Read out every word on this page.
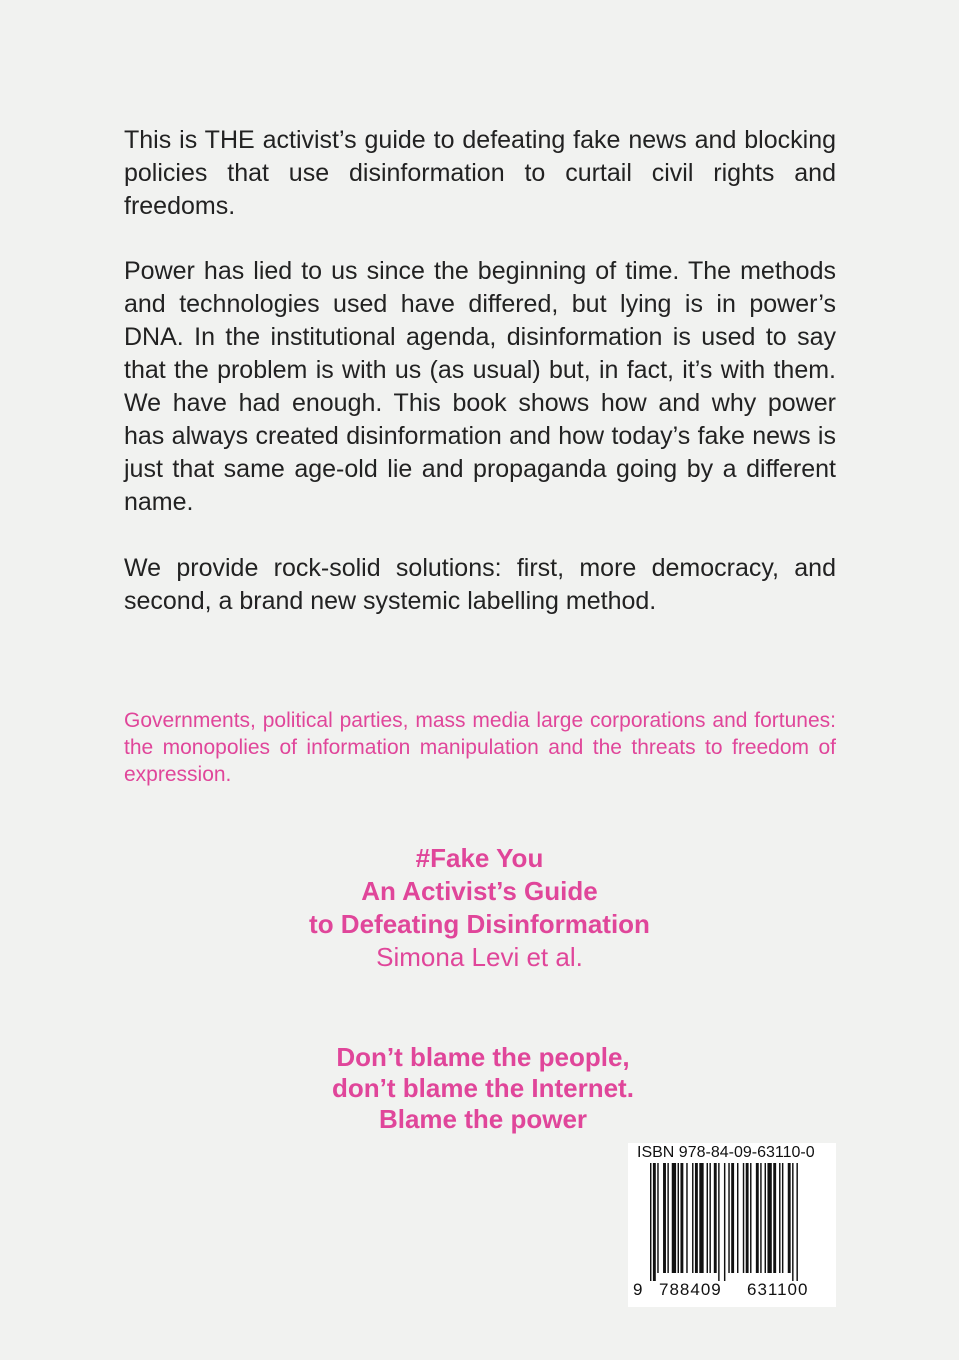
This is THE activist’s guide to defeating fake news and blocking policies that use disinformation to curtail civil rights and freedoms.

Power has lied to us since the beginning of time. The methods and technologies used have differed, but lying is in power’s DNA. In the institutional agenda, disinformation is used to say that the problem is with us (as usual) but, in fact, it’s with them. We have had enough. This book shows how and why power has always created disinformation and how today’s fake news is just that same age-old lie and propaganda going by a different name.

We provide rock-solid solutions: first, more democracy, and second, a brand new systemic labelling method.

Governments, political parties, mass media large corporations and fortunes: the monopolies of information manipulation and the threats to freedom of expression.

#Fake You
An Activist’s Guide
to Defeating Disinformation
Simona Levi et al.
Don’t blame the people,
don’t blame the Internet.
Blame the power
ISBN 978-84-09-63110-0
9 788409 631100
